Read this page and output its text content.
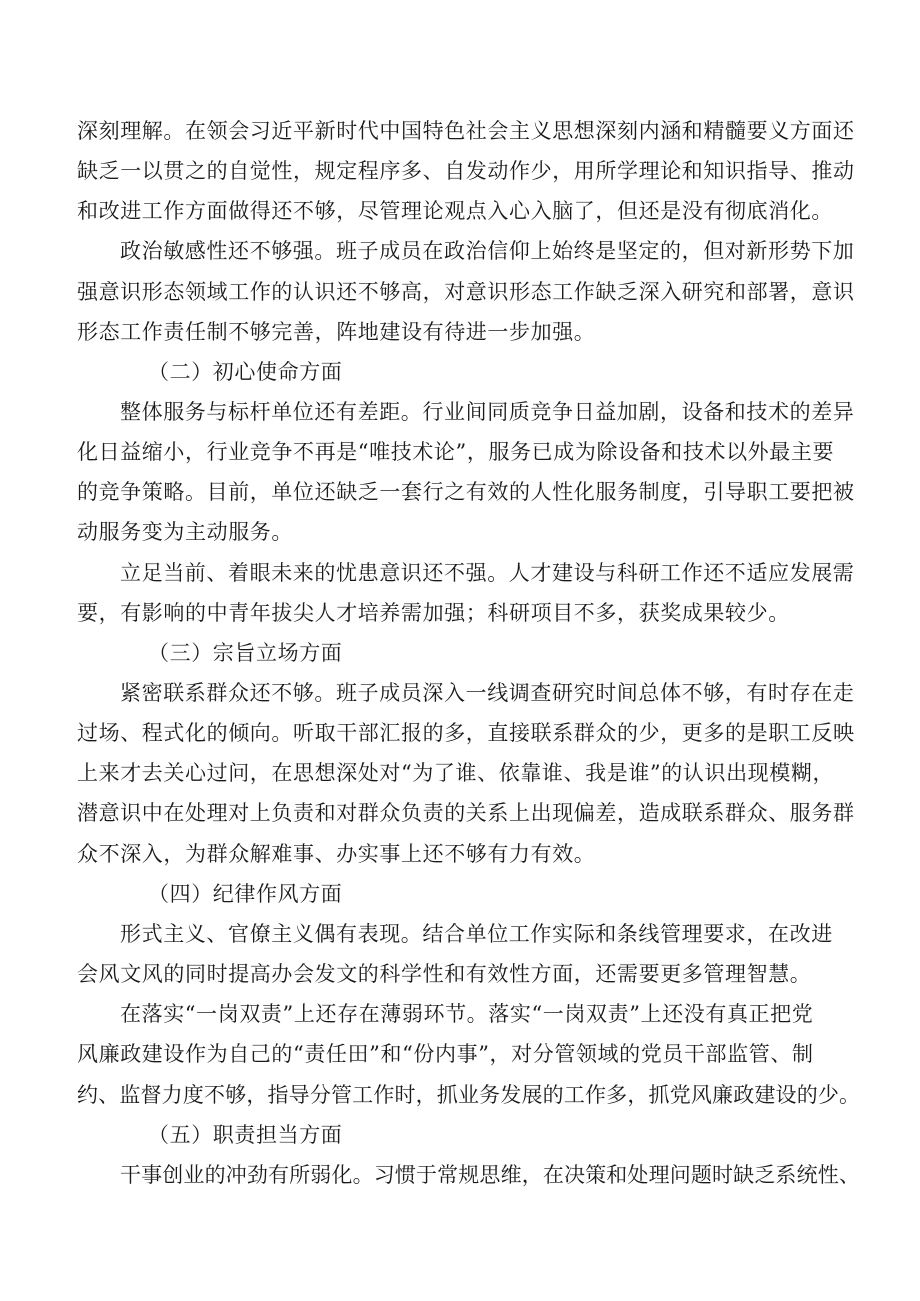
深刻理解。在领会习近平新时代中国特色社会主义思想深刻内涵和精髓要义方面还
缺乏一以贯之的自觉性，规定程序多、自发动作少，用所学理论和知识指导、推动
和改进工作方面做得还不够，尽管理论观点入心入脑了，但还是没有彻底消化。
政治敏感性还不够强。班子成员在政治信仰上始终是坚定的，但对新形势下加
强意识形态领域工作的认识还不够高，对意识形态工作缺乏深入研究和部署，意识
形态工作责任制不够完善，阵地建设有待进一步加强。
（二）初心使命方面
整体服务与标杆单位还有差距。行业间同质竞争日益加剧，设备和技术的差异
化日益缩小，行业竞争不再是“唯技术论”，服务已成为除设备和技术以外最主要
的竞争策略。目前，单位还缺乏一套行之有效的人性化服务制度，引导职工要把被
动服务变为主动服务。
立足当前、着眼未来的忧患意识还不强。人才建设与科研工作还不适应发展需
要，有影响的中青年拔尖人才培养需加强；科研项目不多，获奖成果较少。
（三）宗旨立场方面
紧密联系群众还不够。班子成员深入一线调查研究时间总体不够，有时存在走
过场、程式化的倾向。听取干部汇报的多，直接联系群众的少，更多的是职工反映
上来才去关心过问，在思想深处对“为了谁、依靠谁、我是谁”的认识出现模糊，
潜意识中在处理对上负责和对群众负责的关系上出现偏差，造成联系群众、服务群
众不深入，为群众解难事、办实事上还不够有力有效。
（四）纪律作风方面
形式主义、官僚主义偶有表现。结合单位工作实际和条线管理要求，在改进
会风文风的同时提高办会发文的科学性和有效性方面，还需要更多管理智慧。
在落实“一岗双责”上还存在薄弱环节。落实“一岗双责”上还没有真正把党
风廉政建设作为自己的“责任田”和“份内事”，对分管领域的党员干部监管、制
约、监督力度不够，指导分管工作时，抓业务发展的工作多，抓党风廉政建设的少。
（五）职责担当方面
干事创业的冲劲有所弱化。习惯于常规思维，在决策和处理问题时缺乏系统性、
